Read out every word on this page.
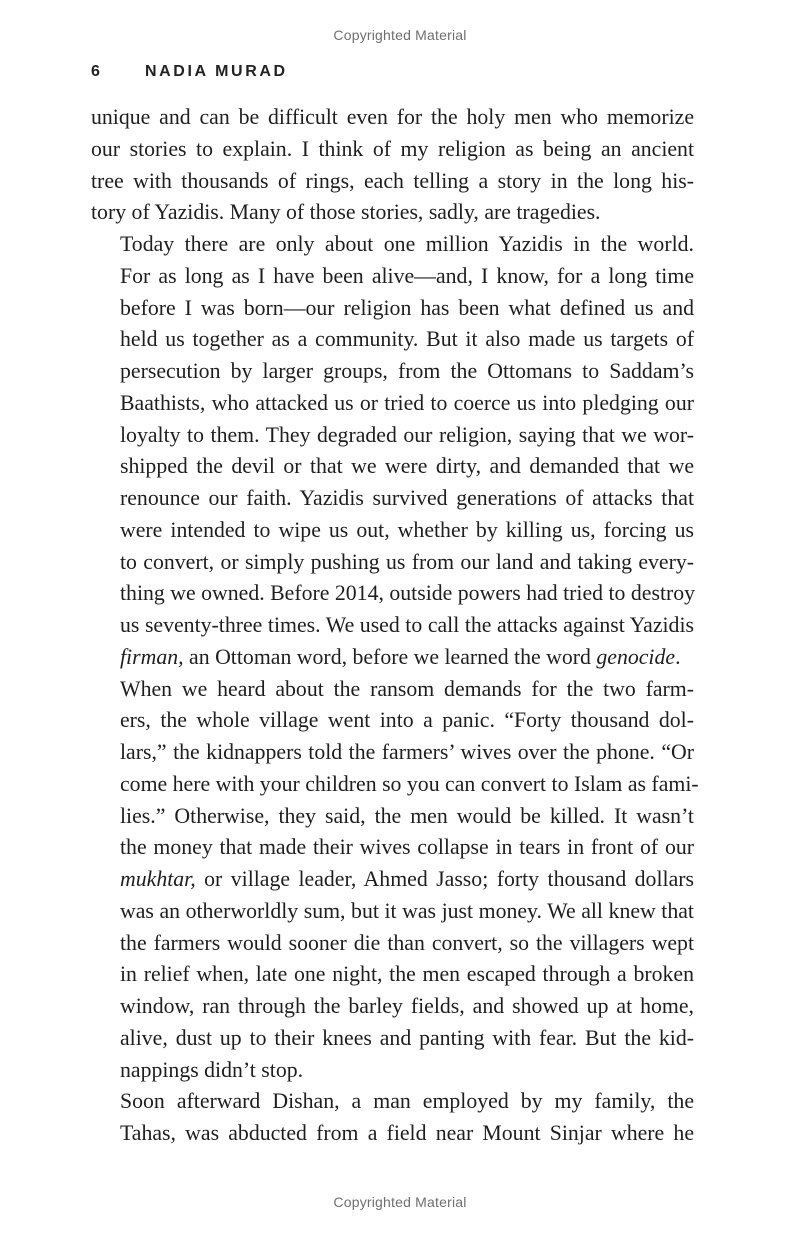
Copyrighted Material
6	NADIA MURAD

unique and can be difficult even for the holy men who memorize
our stories to explain. I think of my religion as being an ancient
tree with thousands of rings, each telling a story in the long his-
tory of Yazidis. Many of those stories, sadly, are tragedies.

Today there are only about one million Yazidis in the world.
For as long as I have been alive—and, I know, for a long time
before I was born—our religion has been what defined us and
held us together as a community. But it also made us targets of
persecution by larger groups, from the Ottomans to Saddam’s
Baathists, who attacked us or tried to coerce us into pledging our
loyalty to them. They degraded our religion, saying that we wor-
shipped the devil or that we were dirty, and demanded that we
renounce our faith. Yazidis survived generations of attacks that
were intended to wipe us out, whether by killing us, forcing us
to convert, or simply pushing us from our land and taking every-
thing we owned. Before 2014, outside powers had tried to destroy
us seventy-three times. We used to call the attacks against Yazidis
firman, an Ottoman word, before we learned the word genocide.

When we heard about the ransom demands for the two farm-
ers, the whole village went into a panic. “Forty thousand dol-
lars,” the kidnappers told the farmers’ wives over the phone. “Or
come here with your children so you can convert to Islam as fami-
lies.” Otherwise, they said, the men would be killed. It wasn’t
the money that made their wives collapse in tears in front of our
mukhtar, or village leader, Ahmed Jasso; forty thousand dollars
was an otherworldly sum, but it was just money. We all knew that
the farmers would sooner die than convert, so the villagers wept
in relief when, late one night, the men escaped through a broken
window, ran through the barley fields, and showed up at home,
alive, dust up to their knees and panting with fear. But the kid-
nappings didn’t stop.

Soon afterward Dishan, a man employed by my family, the
Tahas, was abducted from a field near Mount Sinjar where he

Copyrighted Material
